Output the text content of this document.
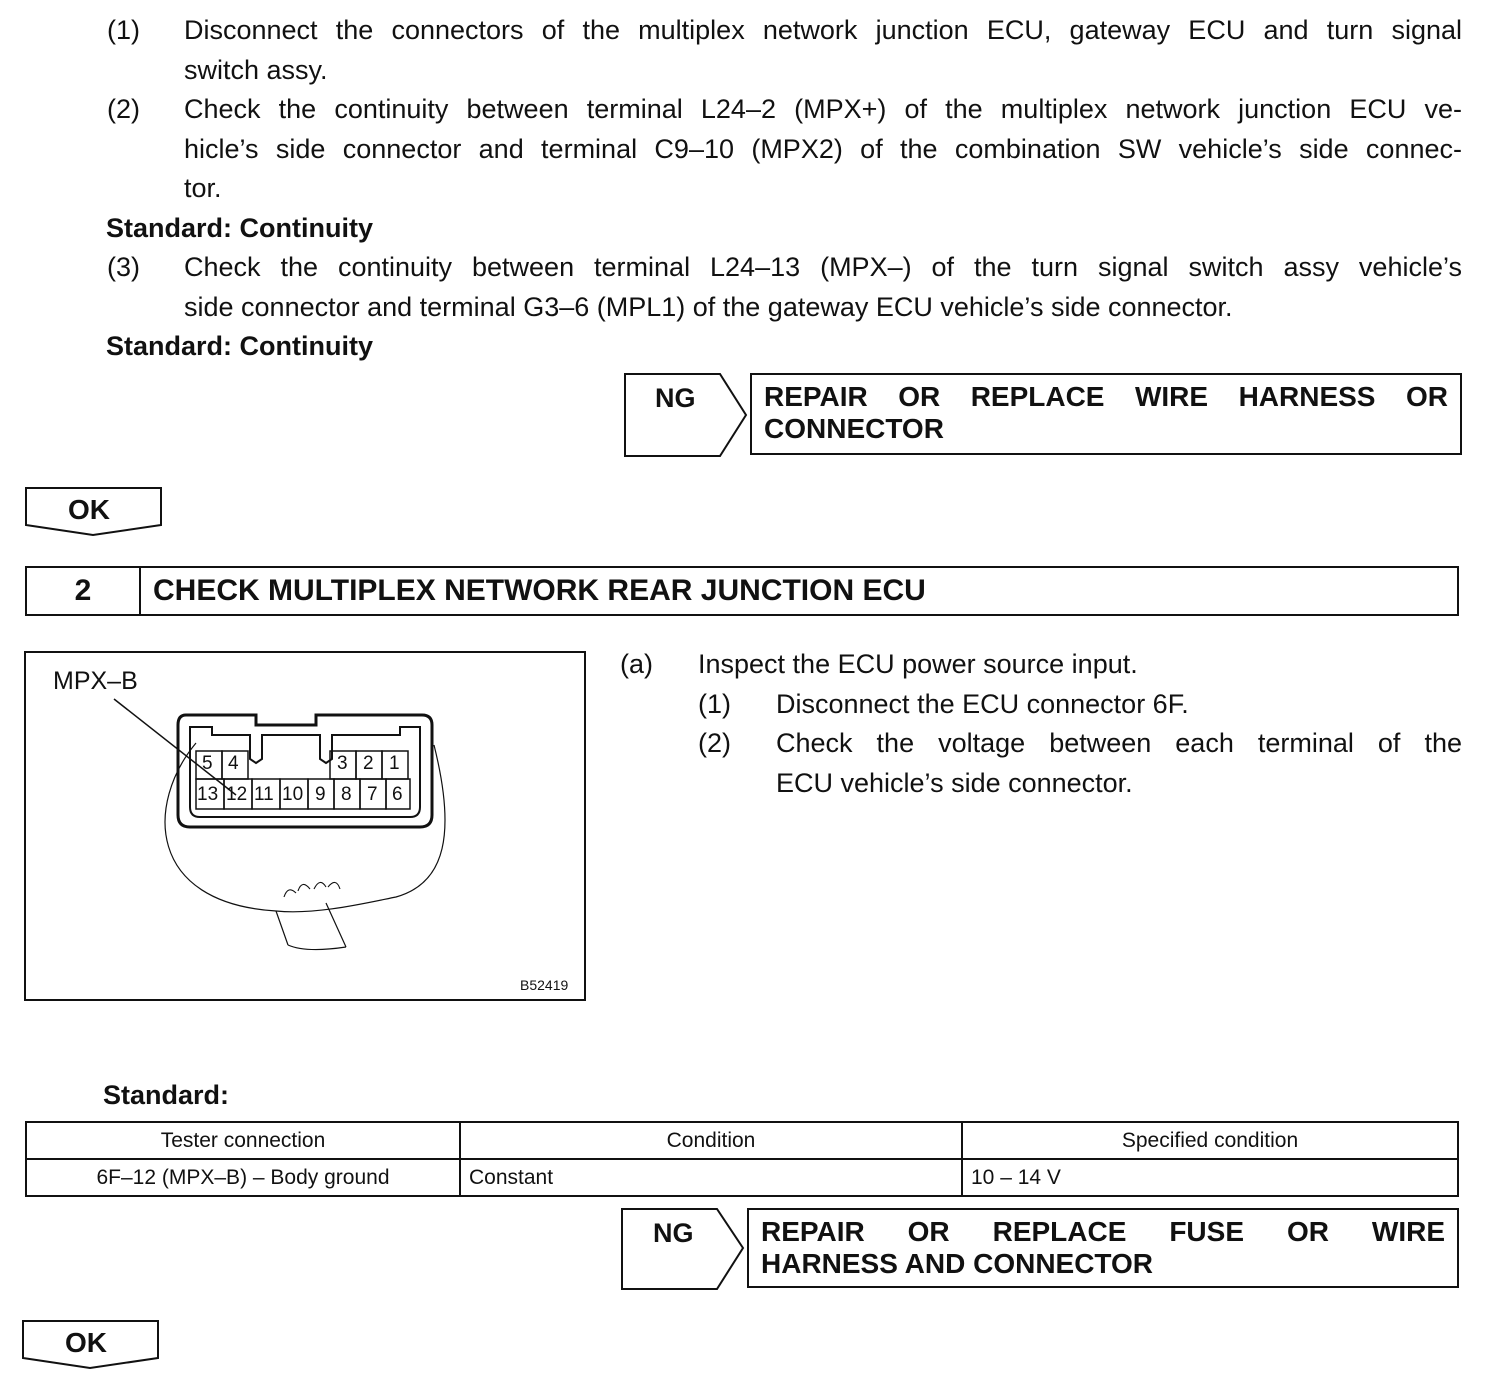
(1) Disconnect the connectors of the multiplex network junction ECU, gateway ECU and turn signal
switch assy.
(2) Check the continuity between terminal L24–2 (MPX+) of the multiplex network junction ECU ve-
hicle’s side connector and terminal C9–10 (MPX2) of the combination SW vehicle’s side connec-
tor.
Standard: Continuity
(3) Check the continuity between terminal L24–13 (MPX–) of the turn signal switch assy vehicle’s
side connector and terminal G3–6 (MPL1) of the gateway ECU vehicle’s side connector.
Standard: Continuity
NG REPAIR OR REPLACE WIRE HARNESS OR
CONNECTOR
OK
2	CHECK MULTIPLEX NETWORK REAR JUNCTION ECU
MPX–B
5 4	3 2 1
13 12 11 10 9 8 7 6
B52419
(a) Inspect the ECU power source input.
(1) Disconnect the ECU connector 6F.
(2) Check the voltage between each terminal of the
ECU vehicle’s side connector.
Standard:
Tester connection	Condition	Specified condition
6F–12 (MPX–B) – Body ground	Constant	10 – 14 V
NG REPAIR OR REPLACE FUSE OR WIRE
HARNESS AND CONNECTOR
OK
